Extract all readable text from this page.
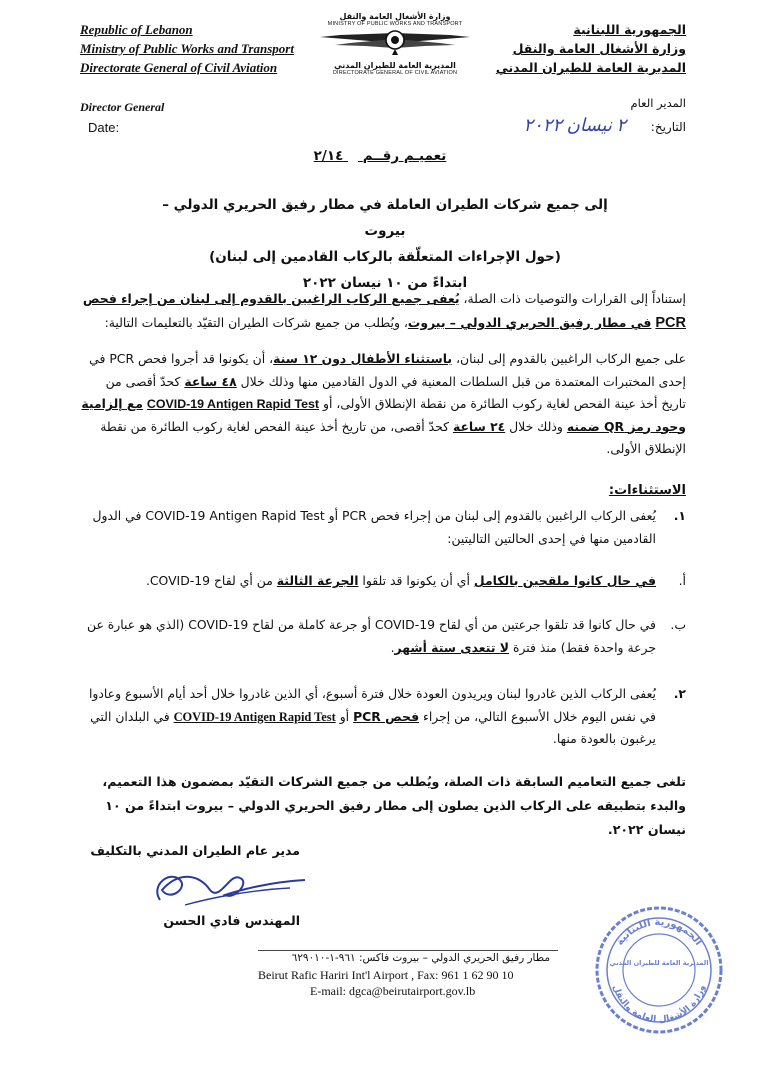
Republic of Lebanon
Ministry of Public Works and Transport
Directorate General of Civil Aviation
Director General
Date:
وزارة الأشغال العامة والنقل
MINISTRY OF PUBLIC WORKS AND TRANSPORT
المديرية العامة للطيران المدني
DIRECTORATE GENERAL OF CIVIL AVIATION
الجمهورية اللبنانية
وزارة الأشغال العامة والنقل
المديرية العامة للطيران المدني
المدير العام
التاريخ:
٢ نيسان ٢٠٢٢
تعميـم رقــم  ٢/١٤
إلى جميع شركات الطيران العاملة في مطار رفيق الحريري الدولي – بيروت
(حول الإجراءات المتعلّقة بالركاب القادمين إلى لبنان)
ابتداءً من ١٠ نيسان ٢٠٢٢
إستناداً إلى القرارات والتوصيات ذات الصلة، يُعفى جميع الركاب الراغبين بالقدوم إلى لبنان من إجراء فحص PCR في مطار رفيق الحريري الدولي – بيروت، ويُطلب من جميع شركات الطيران التقيّد بالتعليمات التالية:
على جميع الركاب الراغبين بالقدوم إلى لبنان، باستثناء الأطفال دون ١٢ سنة، أن يكونوا قد أجروا فحص PCR في إحدى المختبرات المعتمدة من قبل السلطات المعنية في الدول القادمين منها وذلك خلال ٤٨ ساعة كحدّ أقصى من تاريخ أخذ عينة الفحص لغاية ركوب الطائرة من نقطة الإنطلاق الأولى، أو COVID-19 Antigen Rapid Test مع إلزامية وجود رمز QR ضمنه وذلك خلال ٢٤ ساعة كحدّ أقصى، من تاريخ أخذ عينة الفحص لغاية ركوب الطائرة من نقطة الإنطلاق الأولى.
الاستثناءات:
١.
يُعفى الركاب الراغبين بالقدوم إلى لبنان من إجراء فحص PCR أو COVID-19 Antigen Rapid Test في الدول القادمين منها في إحدى الحالتين التاليتين:
أ.
في حال كانوا ملقحين بالكامل أي أن يكونوا قد تلقوا الجرعة الثالثة من أي لقاح COVID-19.
ب.
في حال كانوا قد تلقوا جرعتين من أي لقاح COVID-19 أو جرعة كاملة من لقاح COVID-19 (الذي هو عبارة عن جرعة واحدة فقط) منذ فترة لا تتعدى ستة أشهر.
٢.
يُعفى الركاب الذين غادروا لبنان ويريدون العودة خلال فترة أسبوع، أي الذين غادروا خلال أحد أيام الأسبوع وعادوا في نفس اليوم خلال الأسبوع التالي، من إجراء فحص PCR أو COVID-19 Antigen Rapid Test في البلدان التي يرغبون بالعودة منها.
تلغى جميع التعاميم السابقة ذات الصلة، ويُطلب من جميع الشركات التقيّد بمضمون هذا التعميم، والبدء بتطبيقه على الركاب الذين يصلون إلى مطار رفيق الحريري الدولي – بيروت ابتداءً من ١٠ نيسان ٢٠٢٢.
مدير عام الطيران المدني بالتكليف
المهندس فادي الحسن
الجمهورية اللبنانية
المديرية العامة للطيران المدني
وزارة الأشغال العامة والنقل
مطار رفيق الحريري الدولي – بيروت فاكس: ٩٦١-١-٦٢٩٠١٠
Beirut Rafic Hariri Int'l Airport , Fax: 961 1 62 90 10
E-mail: dgca@beirutairport.gov.lb
